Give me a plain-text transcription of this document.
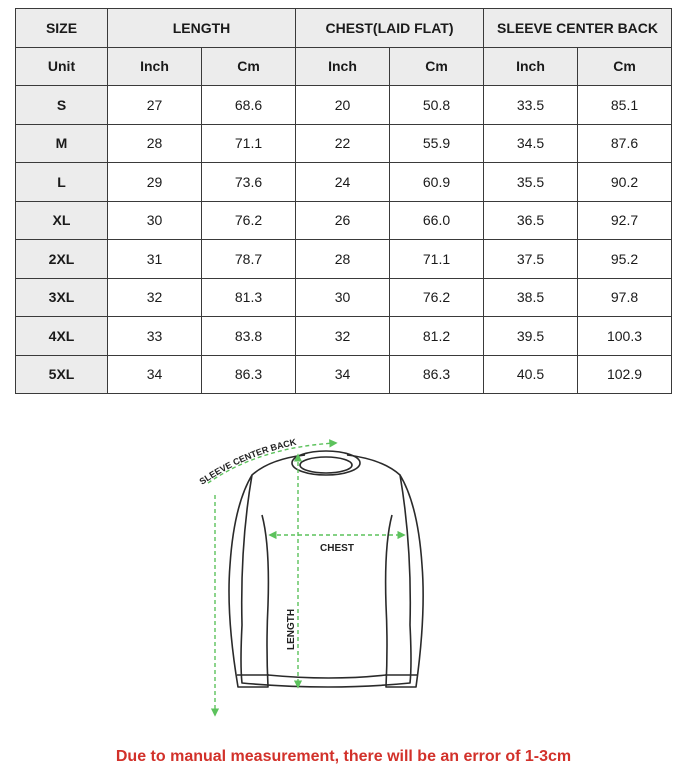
SIZE	LENGTH		CHEST(LAID FLAT)		SLEEVE CENTER BACK	
Unit	Inch	Cm	Inch	Cm	Inch	Cm
S	27	68.6	20	50.8	33.5	85.1
M	28	71.1	22	55.9	34.5	87.6
L	29	73.6	24	60.9	35.5	90.2
XL	30	76.2	26	66.0	36.5	92.7
2XL	31	78.7	28	71.1	37.5	95.2
3XL	32	81.3	30	76.2	38.5	97.8
4XL	33	83.8	32	81.2	39.5	100.3
5XL	34	86.3	34	86.3	40.5	102.9
SLEEVE CENTER BACK
CHEST
LENGTH
Due to manual measurement, there will be an error of 1-3cm
